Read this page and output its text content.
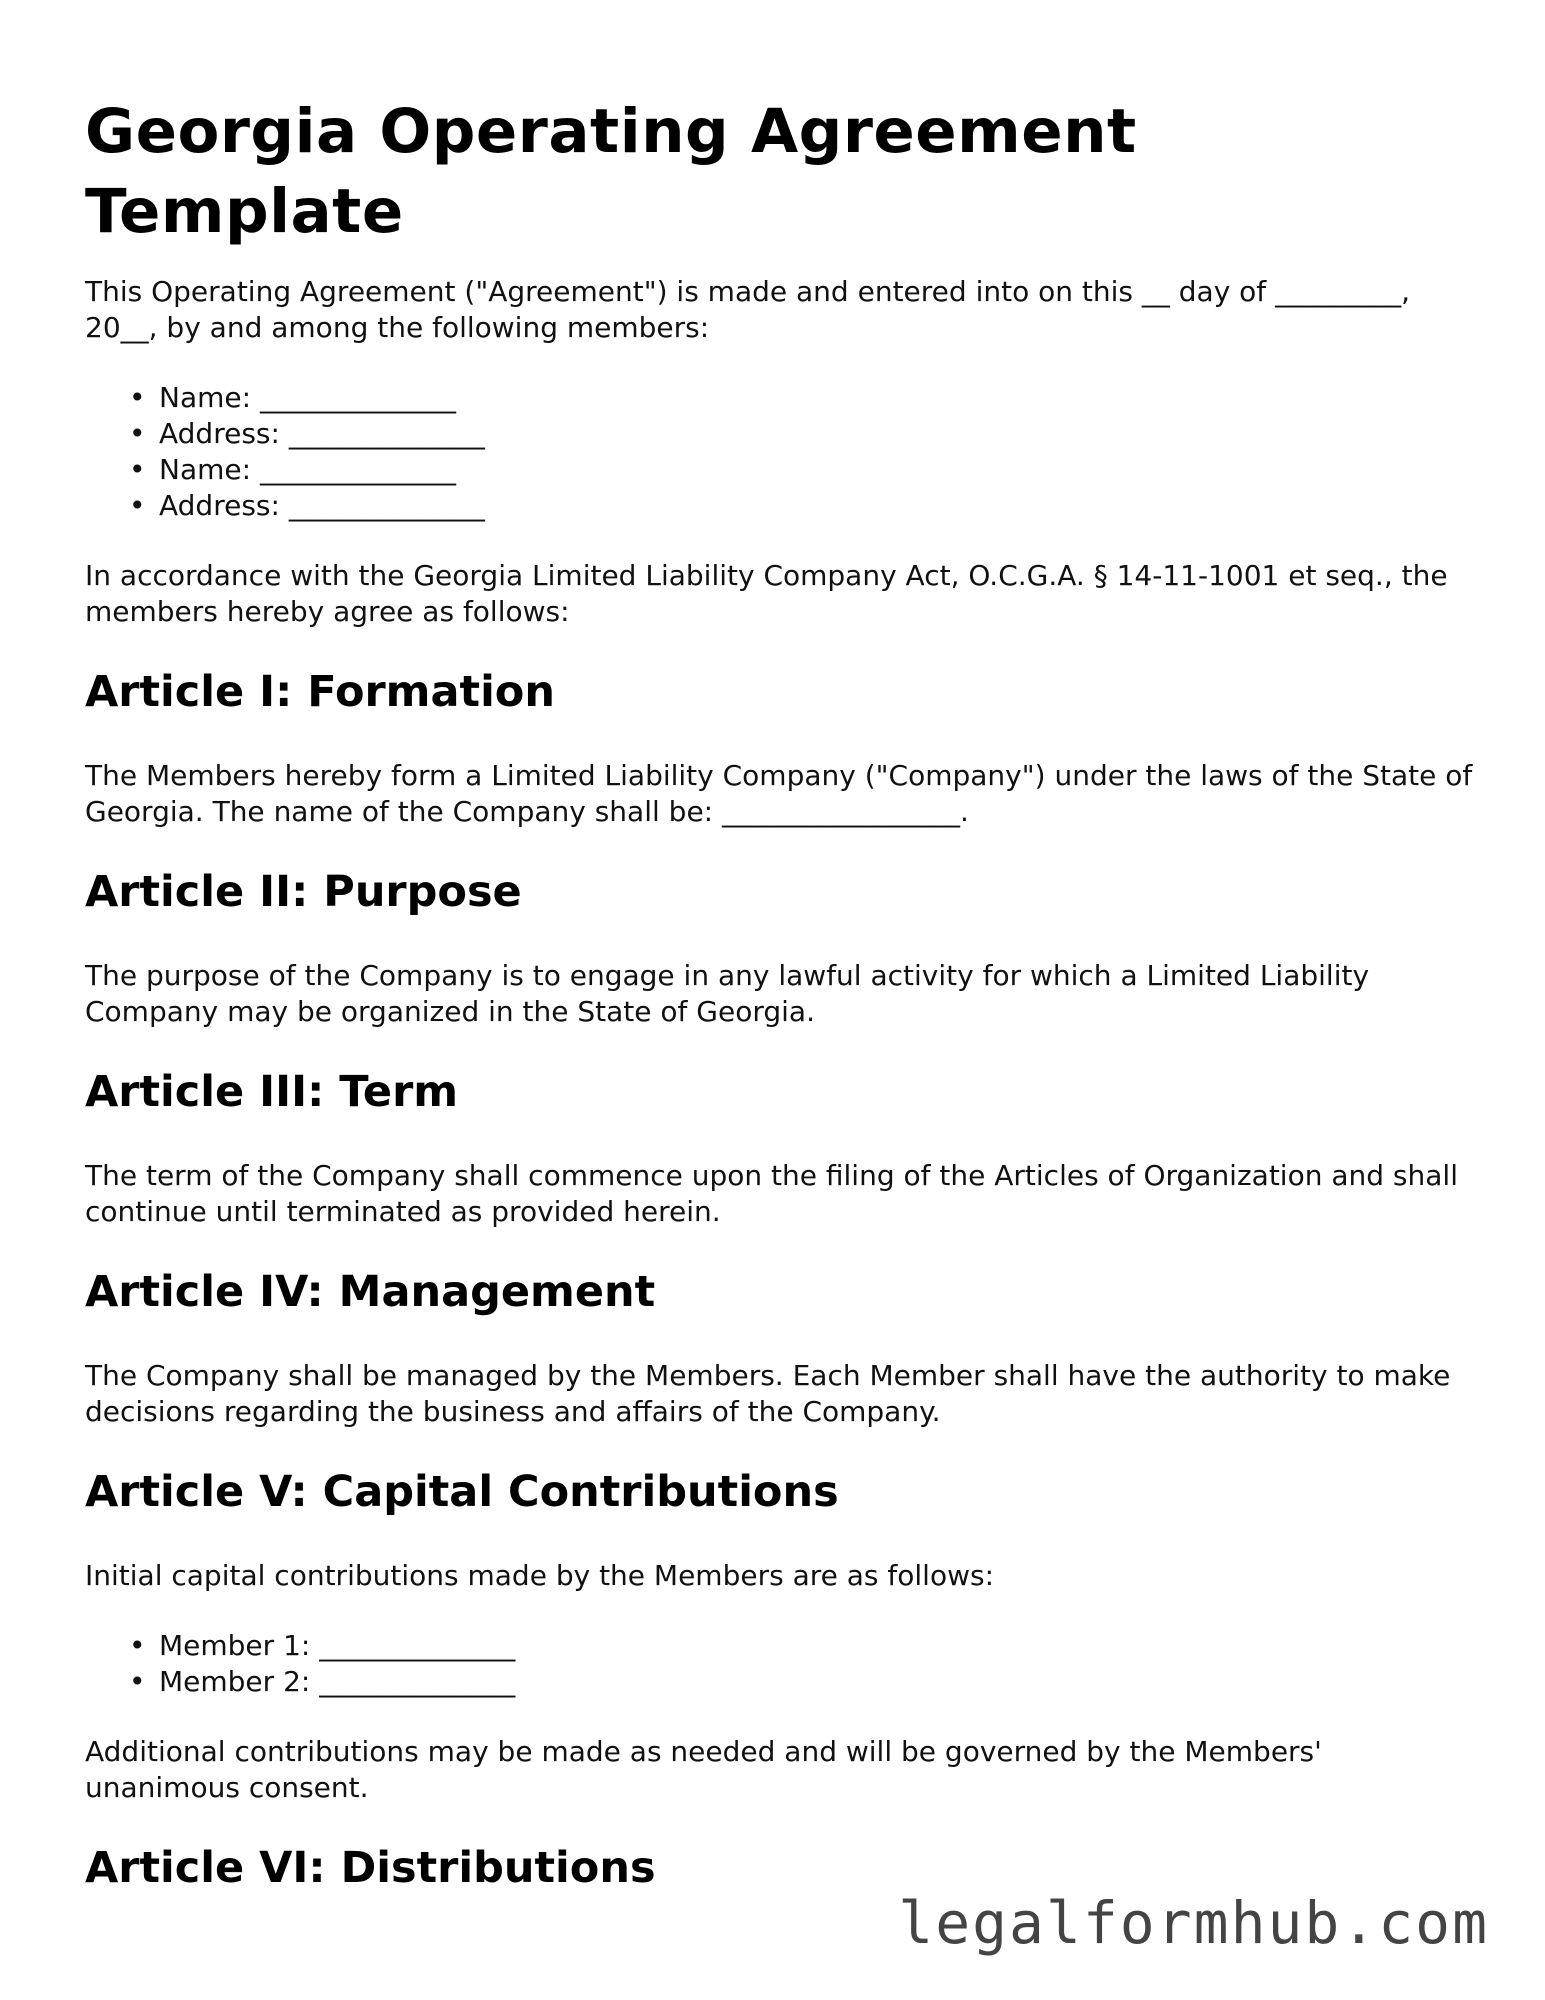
Georgia Operating Agreement Template

This Operating Agreement ("Agreement") is made and entered into on this __ day of _________, 20__, by and among the following members:

• Name: ______________
• Address: ______________
• Name: ______________
• Address: ______________

In accordance with the Georgia Limited Liability Company Act, O.C.G.A. § 14-11-1001 et seq., the members hereby agree as follows:

Article I: Formation

The Members hereby form a Limited Liability Company ("Company") under the laws of the State of Georgia. The name of the Company shall be: _________________.

Article II: Purpose

The purpose of the Company is to engage in any lawful activity for which a Limited Liability Company may be organized in the State of Georgia.

Article III: Term

The term of the Company shall commence upon the filing of the Articles of Organization and shall continue until terminated as provided herein.

Article IV: Management

The Company shall be managed by the Members. Each Member shall have the authority to make decisions regarding the business and affairs of the Company.

Article V: Capital Contributions

Initial capital contributions made by the Members are as follows:

• Member 1: ______________
• Member 2: ______________

Additional contributions may be made as needed and will be governed by the Members' unanimous consent.

Article VI: Distributions
legalformhub.com
